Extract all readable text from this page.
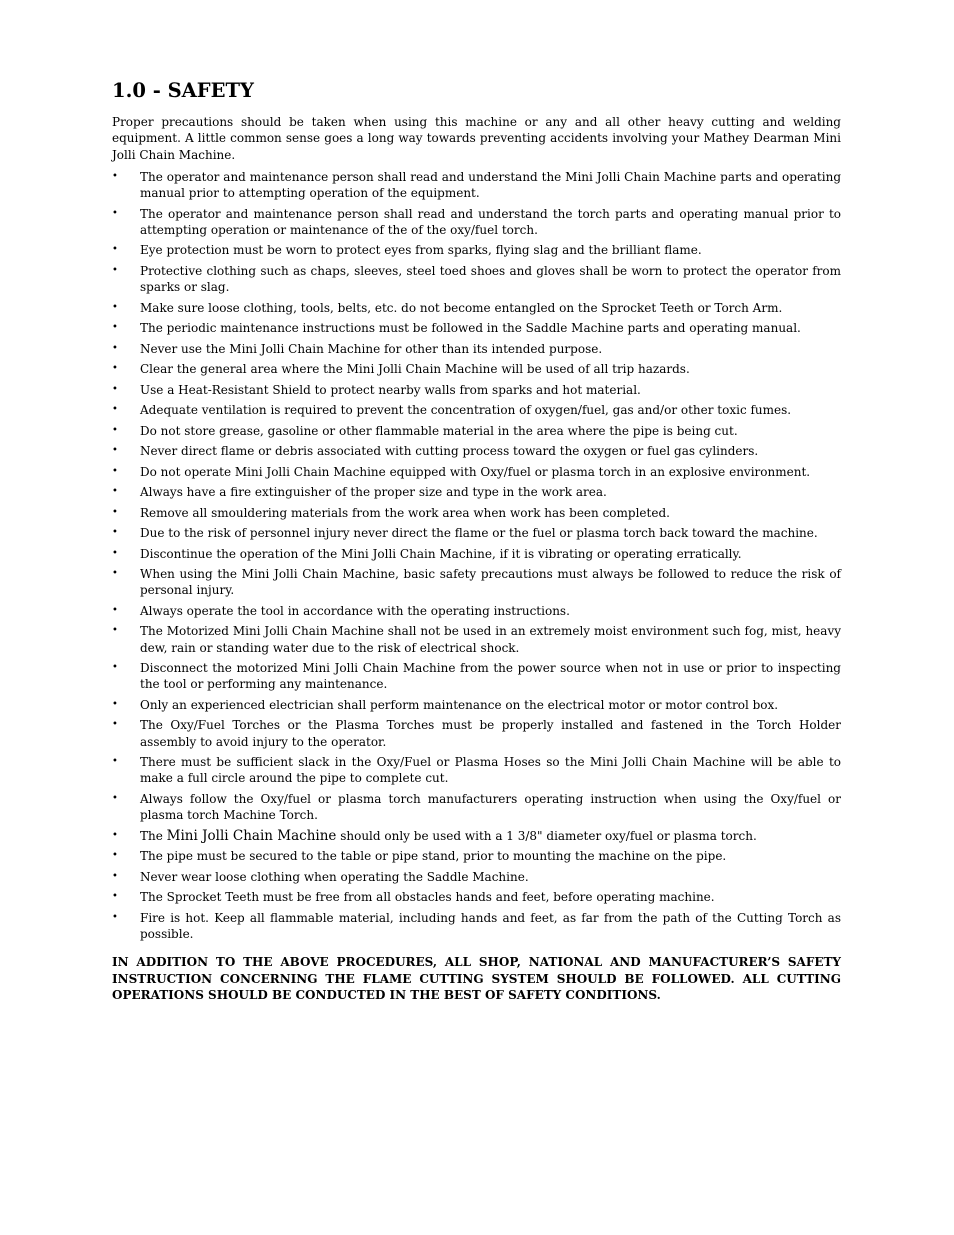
1.0 - SAFETY

Proper precautions should be taken when using this machine or any and all other heavy cutting and welding equipment. A little common sense goes a long way towards preventing accidents involving your Mathey Dearman Mini Jolli Chain Machine.

• The operator and maintenance person shall read and understand the Mini Jolli Chain Machine parts and operating manual prior to attempting operation of the equipment.
• The operator and maintenance person shall read and understand the torch parts and operating manual prior to attempting operation or maintenance of the of the oxy/fuel torch.
• Eye protection must be worn to protect eyes from sparks, flying slag and the brilliant flame.
• Protective clothing such as chaps, sleeves, steel toed shoes and gloves shall be worn to protect the operator from sparks or slag.
• Make sure loose clothing, tools, belts, etc. do not become entangled on the Sprocket Teeth or Torch Arm.
• The periodic maintenance instructions must be followed in the Saddle Machine parts and operating manual.
• Never use the Mini Jolli Chain Machine for other than its intended purpose.
• Clear the general area where the Mini Jolli Chain Machine will be used of all trip hazards.
• Use a Heat-Resistant Shield to protect nearby walls from sparks and hot material.
• Adequate ventilation is required to prevent the concentration of oxygen/fuel, gas and/or other toxic fumes.
• Do not store grease, gasoline or other flammable material in the area where the pipe is being cut.
• Never direct flame or debris associated with cutting process toward the oxygen or fuel gas cylinders.
• Do not operate Mini Jolli Chain Machine equipped with Oxy/fuel or plasma torch in an explosive environment.
• Always have a fire extinguisher of the proper size and type in the work area.
• Remove all smouldering materials from the work area when work has been completed.
• Due to the risk of personnel injury never direct the flame or the fuel or plasma torch back toward the machine.
• Discontinue the operation of the Mini Jolli Chain Machine, if it is vibrating or operating erratically.
• When using the Mini Jolli Chain Machine, basic safety precautions must always be followed to reduce the risk of personal injury.
• Always operate the tool in accordance with the operating instructions.
• The Motorized Mini Jolli Chain Machine shall not be used in an extremely moist environment such fog, mist, heavy dew, rain or standing water due to the risk of electrical shock.
• Disconnect the motorized Mini Jolli Chain Machine from the power source when not in use or prior to inspecting the tool or performing any maintenance.
• Only an experienced electrician shall perform maintenance on the electrical motor or motor control box.
• The Oxy/Fuel Torches or the Plasma Torches must be properly installed and fastened in the Torch Holder assembly to avoid injury to the operator.
• There must be sufficient slack in the Oxy/Fuel or Plasma Hoses so the Mini Jolli Chain Machine will be able to make a full circle around the pipe to complete cut.
• Always follow the Oxy/fuel or plasma torch manufacturers operating instruction when using the Oxy/fuel or plasma torch Machine Torch.
• The Mini Jolli Chain Machine should only be used with a 1 3/8" diameter oxy/fuel or plasma torch.
• The pipe must be secured to the table or pipe stand, prior to mounting the machine on the pipe.
• Never wear loose clothing when operating the Saddle Machine.
• The Sprocket Teeth must be free from all obstacles hands and feet, before operating machine.
• Fire is hot. Keep all flammable material, including hands and feet, as far from the path of the Cutting Torch as possible.

IN ADDITION TO THE ABOVE PROCEDURES, ALL SHOP, NATIONAL AND MANUFACTURER’S SAFETY INSTRUCTION CONCERNING THE FLAME CUTTING SYSTEM SHOULD BE FOLLOWED. ALL CUTTING OPERATIONS SHOULD BE CONDUCTED IN THE BEST OF SAFETY CONDITIONS.
